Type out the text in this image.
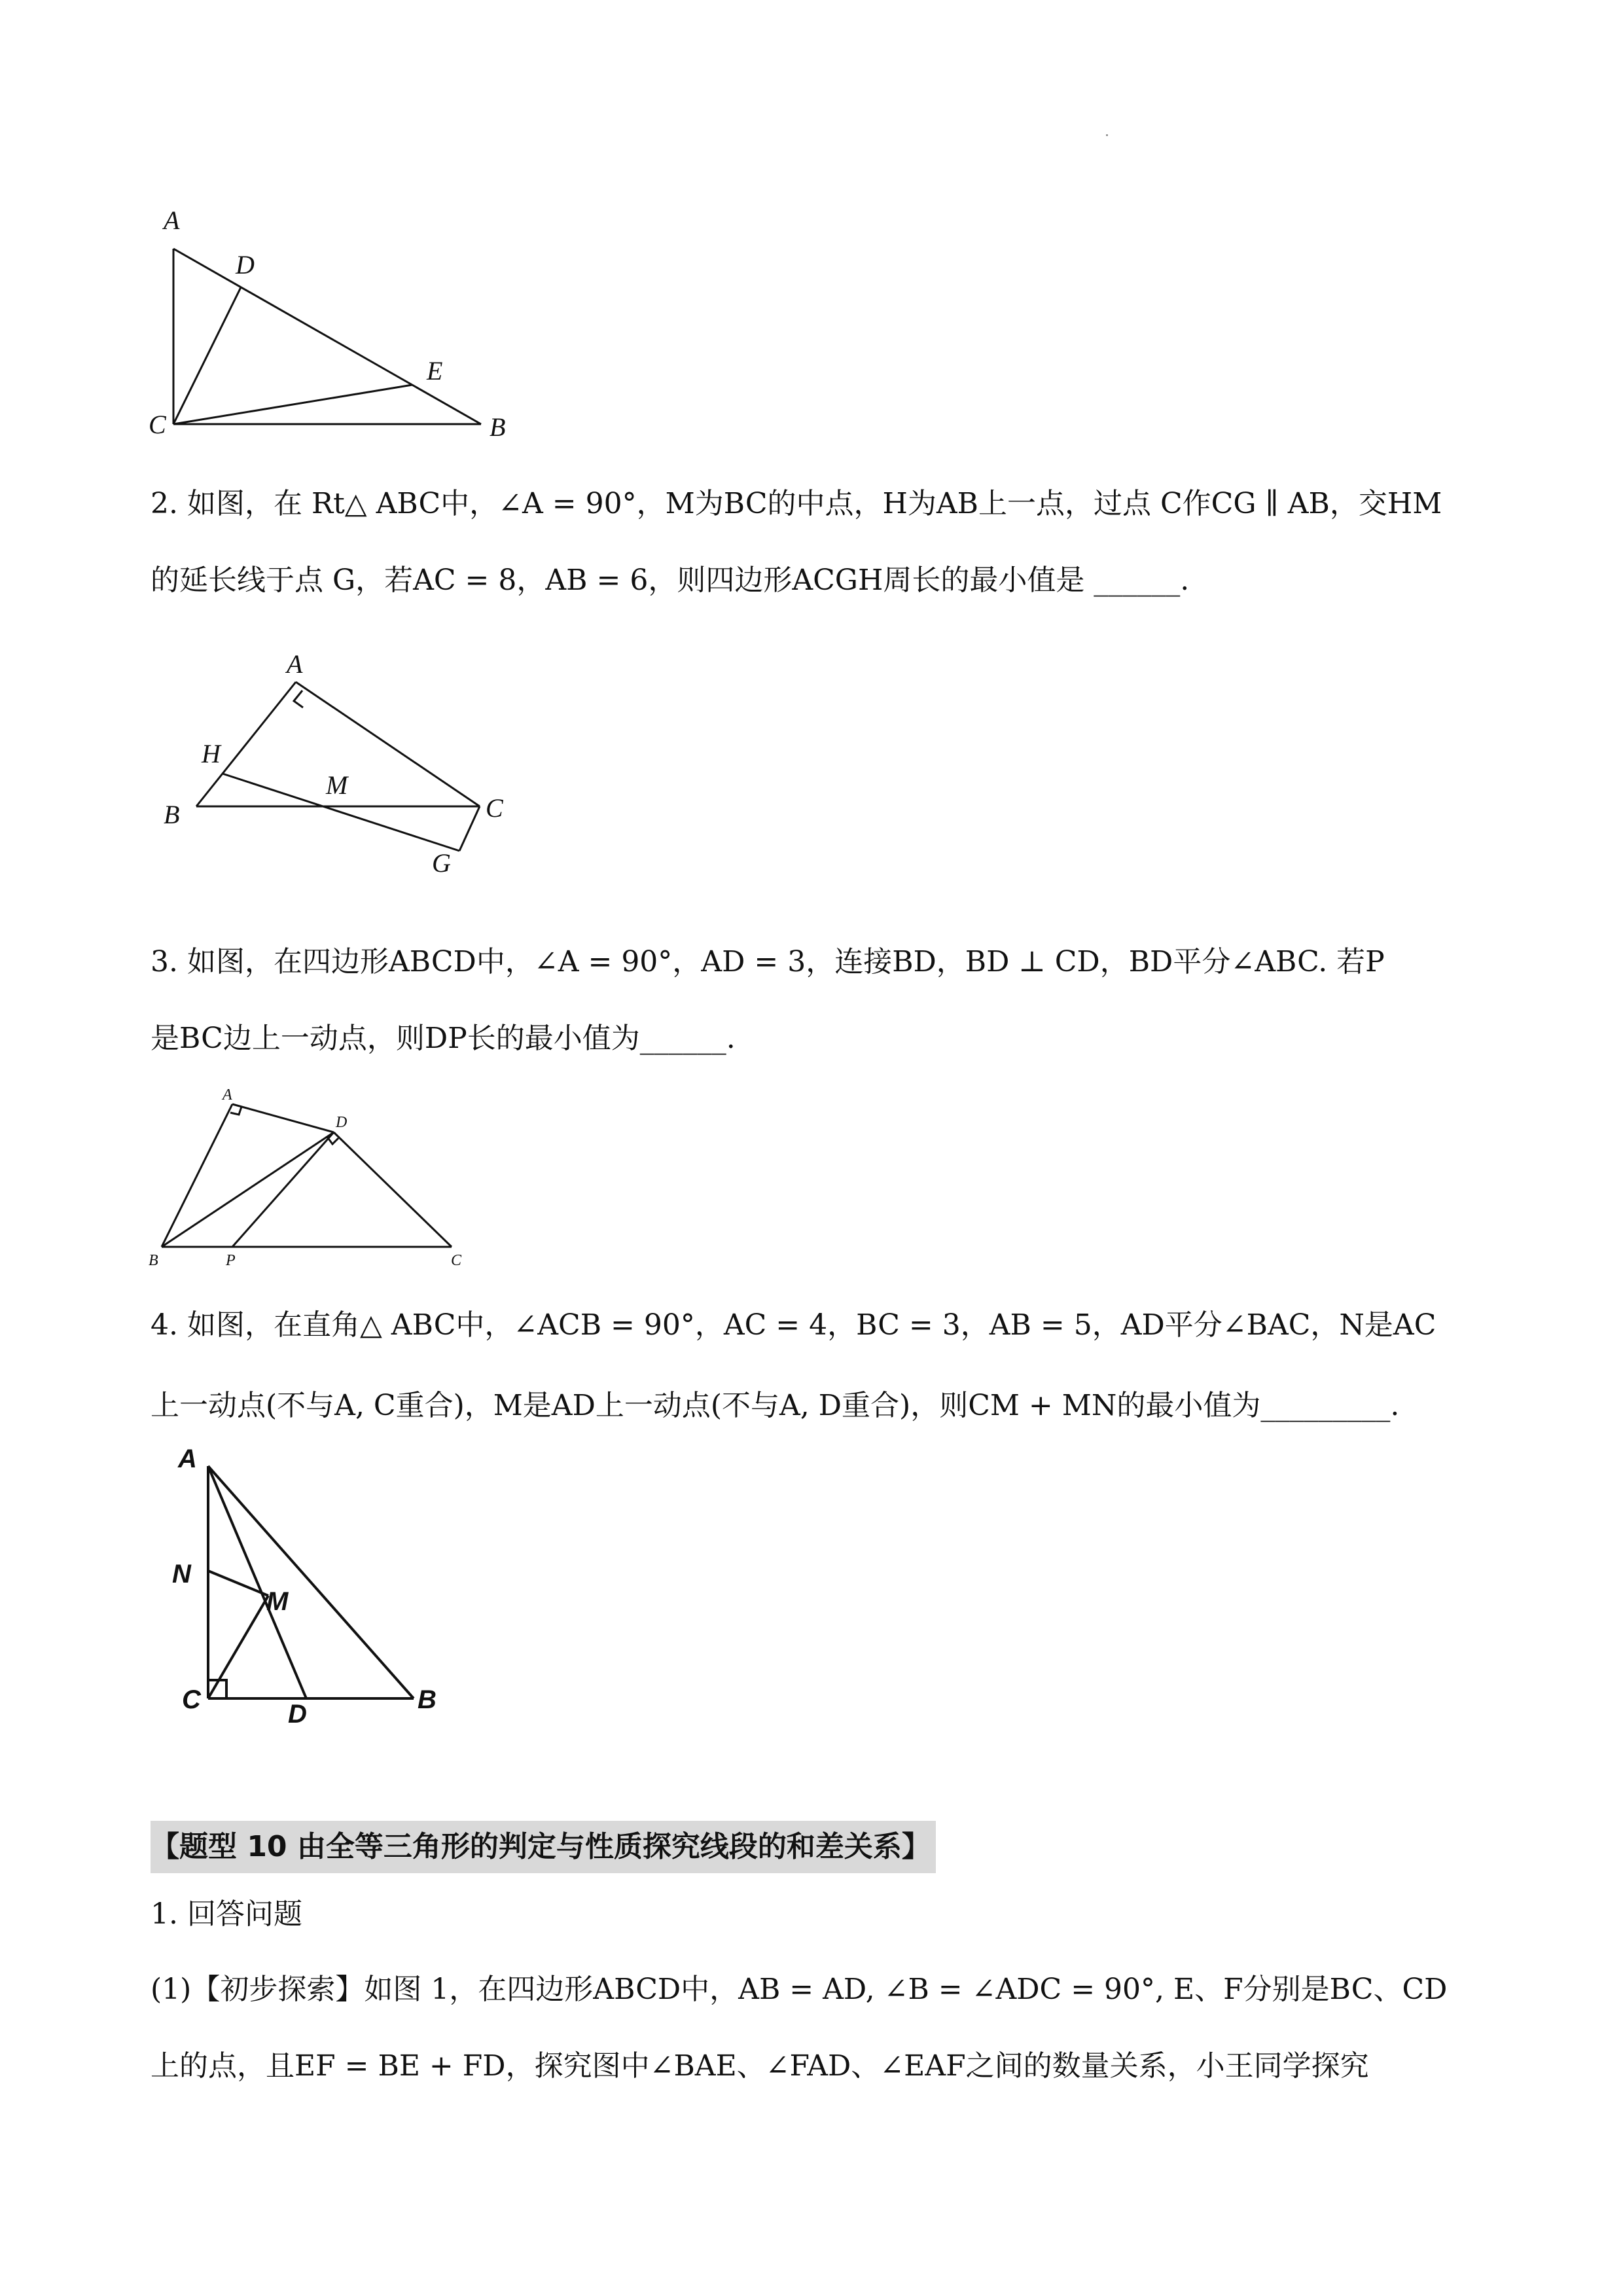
A
D
E
C	B
2. 如图，在 Rt△ ABC中，∠A = 90°，M为BC的中点，H为AB上一点，过点 C作CG ∥ AB，交HM
的延长线于点 G，若AC = 8，AB = 6，则四边形ACGH周长的最小值是 ______.
A
H
M
B	C
G
3. 如图，在四边形ABCD中，∠A = 90°，AD = 3，连接BD，BD ⊥ CD，BD平分∠ABC. 若P
是BC边上一动点，则DP长的最小值为______.
A
D
B	P	C
4. 如图，在直角△ ABC中，∠ACB = 90°，AC = 4，BC = 3，AB = 5，AD平分∠BAC，N是AC
上一动点(不与A, C重合)，M是AD上一动点(不与A, D重合)，则CM + MN的最小值为_________.
A
N
M
C	D	B
【题型 10 由全等三角形的判定与性质探究线段的和差关系】
1. 回答问题
(1)【初步探索】如图 1，在四边形ABCD中，AB = AD, ∠B = ∠ADC = 90°, E、F分别是BC、CD
上的点，且EF = BE + FD，探究图中∠BAE、∠FAD、∠EAF之间的数量关系，小王同学探究
